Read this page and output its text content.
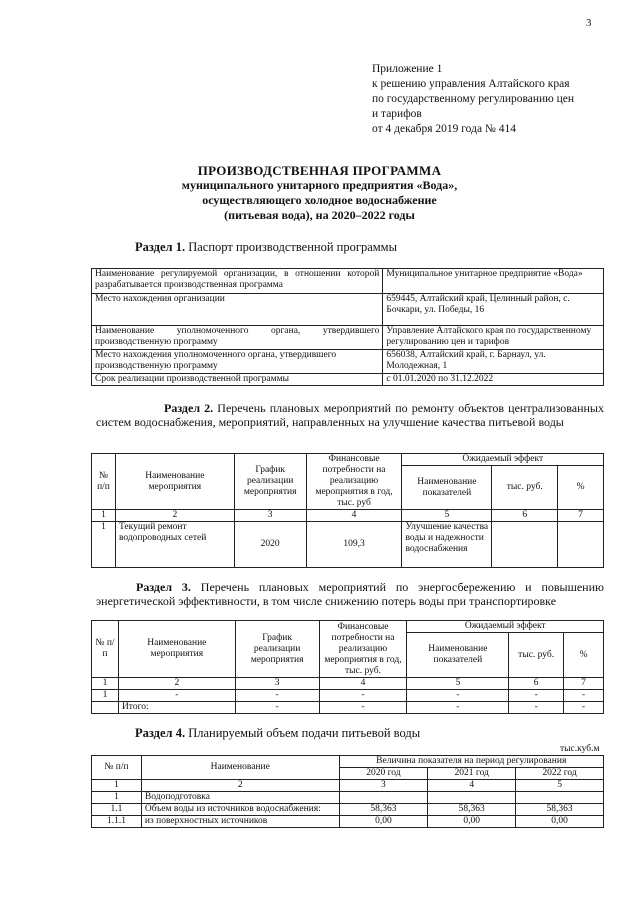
3
Приложение 1
к решению управления Алтайского края
по государственному регулированию цен
и тарифов
от 4 декабря 2019 года № 414
ПРОИЗВОДСТВЕННАЯ ПРОГРАММА
муниципального унитарного предприятия «Вода»,
осуществляющего холодное водоснабжение
(питьевая вода), на 2020–2022 годы
Раздел 1. Паспорт производственной программы
Наименование регулируемой организации, в отношении которой разрабатывается производственная программа	Муниципальное унитарное предприятие «Вода»
Место нахождения организации	659445, Алтайский край, Целинный район, с. Бочкари, ул. Победы, 16
Наименование уполномоченного органа, утвердившего производственную программу	Управление Алтайского края по государственному регулированию цен и тарифов
Место нахождения уполномоченного органа, утвердившего производственную программу	656038, Алтайский край, г. Барнаул, ул. Молодежная, 1
Срок реализации производственной программы	с 01.01.2020 по 31.12.2022
Раздел 2. Перечень плановых мероприятий по ремонту объектов централизованных систем водоснабжения, мероприятий, направленных на улучшение качества питьевой воды
№ п/п	Наименование мероприятия	График реализации мероприятия	Финансовые потребности на реализацию мероприятия в год, тыс. руб	Ожидаемый эффект		
				Наименование показателей	тыс. руб.	%
1	2	3	4	5	6	7
1	Текущий ремонт водопроводных сетей	2020	109,3	Улучшение качества воды и надежности водоснабжения		
Раздел 3. Перечень плановых мероприятий по энергосбережению и повышению энергетической эффективности, в том числе снижению потерь воды при транспортировке
№ п/п	Наименование мероприятия	График реализации мероприятия	Финансовые потребности на реализацию мероприятия в год, тыс. руб.	Ожидаемый эффект		
				Наименование показателей	тыс. руб.	%
1	2	3	4	5	6	7
1	-	-	-	-	-	-
	Итого:	-	-	-	-	-
Раздел 4. Планируемый объем подачи питьевой воды
тыс.куб.м
№ п/п	Наименование	Величина показателя на период регулирования		
		2020 год	2021 год	2022 год
1	2	3	4	5
1	Водоподготовка			
1.1	Объем воды из источников водоснабжения:	58,363	58,363	58,363
1.1.1	из поверхностных источников	0,00	0,00	0,00
